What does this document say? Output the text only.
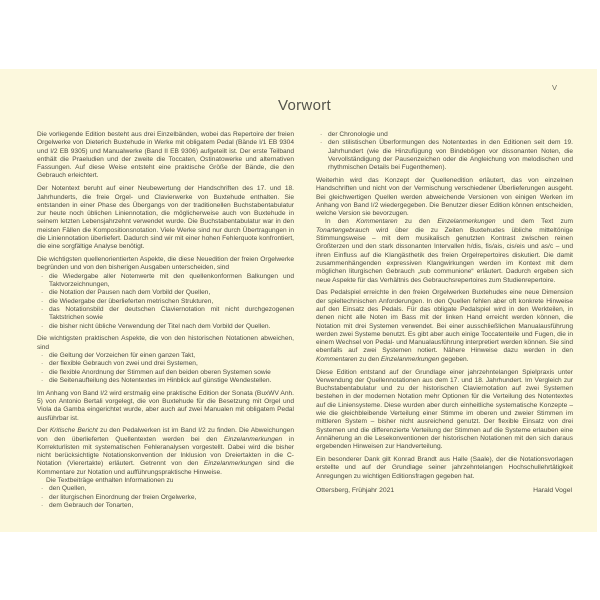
V
Vorwort

Die vorliegende Edition besteht aus drei Einzelbänden, wobei das Repertoire der freien Orgelwerke von Dieterich Buxtehude in Werke mit obligatem Pedal (Bände I/1 EB 9304 und I/2 EB 9305) und Manualwerke (Band II EB 9306) aufgeteilt ist. Der erste Teilband enthält die Praeludien und der zweite die Toccaten, Ostinatowerke und alternativen Fassungen. Auf diese Weise entsteht eine praktische Größe der Bände, die den Gebrauch erleichtert.

Der Notentext beruht auf einer Neubewertung der Handschriften des 17. und 18. Jahrhunderts, die freie Orgel- und Clavierwerke von Buxtehude enthalten. Sie entstanden in einer Phase des Übergangs von der traditionellen Buchstabentabulatur zur heute noch üblichen Liniennotation, die möglicherweise auch von Buxtehude in seinem letzten Lebensjahrzehnt verwendet wurde. Die Buchstabentabulatur war in den meisten Fällen die Kompositionsnotation. Viele Werke sind nur durch Übertragungen in die Liniennotation überliefert. Dadurch sind wir mit einer hohen Fehlerquote konfrontiert, die eine sorgfältige Analyse benötigt.

Die wichtigsten quellenorientierten Aspekte, die diese Neuedition der freien Orgelwerke begründen und von den bisherigen Ausgaben unterscheiden, sind

· die Wiedergabe aller Notenwerte mit den quellenkonformen Balkungen und Taktvorzeichnungen,
· die Notation der Pausen nach dem Vorbild der Quellen,
· die Wiedergabe der überlieferten metrischen Strukturen,
· das Notationsbild der deutschen Claviernotation mit nicht durchgezogenen Taktstrichen sowie
· die bisher nicht übliche Verwendung der Titel nach dem Vorbild der Quellen.

Die wichtigsten praktischen Aspekte, die von den historischen Notationen abweichen, sind

· die Geltung der Vorzeichen für einen ganzen Takt,
· der flexible Gebrauch von zwei und drei Systemen,
· die flexible Anordnung der Stimmen auf den beiden oberen Systemen sowie
· die Seitenaufteilung des Notentextes im Hinblick auf günstige Wendestellen.

Im Anhang von Band I/2 wird erstmalig eine praktische Edition der Sonata (BuxWV Anh. 5) von Antonio Bertali vorgelegt, die von Buxtehude für die Besetzung mit Orgel und Viola da Gamba eingerichtet wurde, aber auch auf zwei Manualen mit obligatem Pedal ausführbar ist.

Der Kritische Bericht zu den Pedalwerken ist im Band I/2 zu finden. Die Abweichungen von den überlieferten Quellentexten werden bei den Einzelanmerkungen in Korrekturlisten mit systematischen Fehleranalysen vorgestellt. Dabei wird die bisher nicht berücksichtigte Notationskonvention der Inklusion von Dreiertakten in die C-Notation (Vierertakte) erläutert. Getrennt von den Einzelanmerkungen sind die Kommentare zur Notation und aufführungspraktische Hinweise.

Die Textbeiträge enthalten Informationen zu

· den Quellen,
· der liturgischen Einordnung der freien Orgelwerke,
· dem Gebrauch der Tonarten,
· der Chronologie und
· den stilistischen Überformungen des Notentextes in den Editionen seit dem 19. Jahrhundert (wie die Hinzufügung von Bindebögen vor dissonanten Noten, die Vervollständigung der Pausenzeichen oder die Angleichung von melodischen und rhythmischen Details bei Fugenthemen).

Weiterhin wird das Konzept der Quellenedition erläutert, das von einzelnen Handschriften und nicht von der Vermischung verschiedener Überlieferungen ausgeht. Bei gleichwertigen Quellen werden abweichende Versionen von einigen Werken im Anhang von Band I/2 wiedergegeben. Die Benutzer dieser Edition können entscheiden, welche Version sie bevorzugen.

In den Kommentaren zu den Einzelanmerkungen und dem Text zum Tonartengebrauch wird über die zu Zeiten Buxtehudes übliche mitteltönige Stimmungsweise – mit dem musikalisch genutzten Kontrast zwischen reinen Großterzen und den stark dissonanten Intervallen h/dis, fis/ais, cis/eis und as/c – und ihren Einfluss auf die Klangästhetik des freien Orgelrepertoires diskutiert. Die damit zusammenhängenden expressiven Klangwirkungen werden im Kontext mit dem möglichen liturgischen Gebrauch „sub communione“ erläutert. Dadurch ergeben sich neue Aspekte für das Verhältnis des Gebrauchsrepertoires zum Studienrepertoire.

Das Pedalspiel erreichte in den freien Orgelwerken Buxtehudes eine neue Dimension der spieltechnischen Anforderungen. In den Quellen fehlen aber oft konkrete Hinweise auf den Einsatz des Pedals. Für das obligate Pedalspiel wird in den Werkteilen, in denen nicht alle Noten im Bass mit der linken Hand erreicht werden können, die Notation mit drei Systemen verwendet. Bei einer ausschließlichen Manualausführung werden zwei Systeme benutzt. Es gibt aber auch einige Toccatenteile und Fugen, die in einem Wechsel von Pedal- und Manualausführung interpretiert werden können. Sie sind ebenfalls auf zwei Systemen notiert. Nähere Hinweise dazu werden in den Kommentaren zu den Einzelanmerkungen gegeben.

Diese Edition entstand auf der Grundlage einer jahrzehntelangen Spielpraxis unter Verwendung der Quellennotationen aus dem 17. und 18. Jahrhundert. Im Vergleich zur Buchstabentabulatur und zu der historischen Claviernotation auf zwei Systemen bestehen in der modernen Notation mehr Optionen für die Verteilung des Notentextes auf die Liniensysteme. Diese wurden aber durch einheitliche systematische Konzepte – wie die gleichbleibende Verteilung einer Stimme im oberen und zweier Stimmen im mittleren System – bisher nicht ausreichend genutzt. Der flexible Einsatz von drei Systemen und die differenzierte Verteilung der Stimmen auf die Systeme erlauben eine Annäherung an die Lesekonventionen der historischen Notationen mit den sich daraus ergebenden Hinweisen zur Handverteilung.

Ein besonderer Dank gilt Konrad Brandt aus Halle (Saale), der die Notationsvorlagen erstellte und auf der Grundlage seiner jahrzehntelangen Hochschullehrtätigkeit Anregungen zu wichtigen Editionsfragen gegeben hat.

Ottersberg, Frühjahr 2021	Harald Vogel
